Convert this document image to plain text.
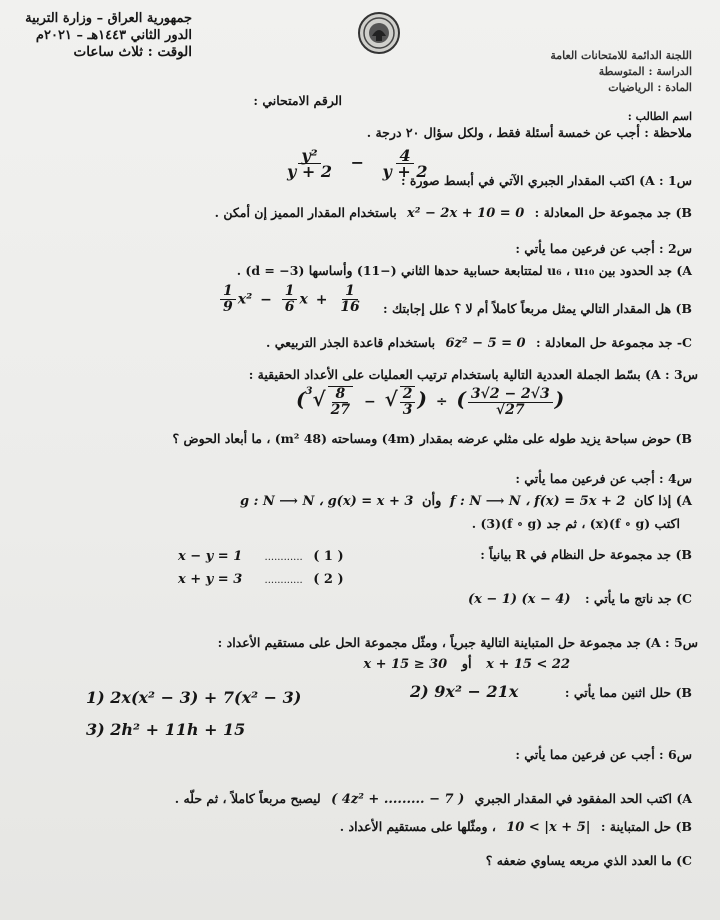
جمهورية العراق – وزارة التربية
الدور الثاني ١٤٤٣هـ – ٢٠٢١م
الوقت : ثلاث ساعات	اللجنة الدائمة للامتحانات العامة
الدراسة : المتوسطة
المادة : الرياضيات
الرقم الامتحاني :
اسم الطالب :
ملاحظة : أجب عن خمسة أسئلة فقط ، ولكل سؤال ٢٠ درجة .
$\frac{\text{y²}}{y + 2} - \frac{4}{y + 2}$
س1 : A) اكتب المقدار الجبري الآتي في أبسط صورة :
B) جد مجموعة حل المعادلة : x² − 2x + 10 = 0 باستخدام المقدار المميز إن أمكن .
س2 : أجب عن فرعين مما يأتي :
A) جد الحدود بين u₆ ، u₁₀ لمتتابعة حسابية حدها الثاني (−11) وأساسها (d = −3) .
B) هل المقدار التالي يمثل مربعاً كاملاً أم لا ؟ علل إجابتك :
$\frac{1}{9} x^2 - \frac{1}{6}$ $x + \frac{1}{16}$
C- جد مجموعة حل المعادلة : 6z² − 5 = 0 باستخدام قاعدة الجذر التربيعي .
س3 : A) بسّط الجملة العددية التالية باستخدام ترتيب العمليات على الأعداد الحقيقية :
($^3√ \frac{8}{27}$ − √ $\frac{2}{3}$ ) ÷ ( $\frac{3√2 - 2√3}{√27}$ )
B) حوض سباحة يزيد طوله على مثلي عرضه بمقدار (4m) ومساحته (48 m²) ، ما أبعاد الحوض ؟
س4 : أجب عن فرعين مما يأتي :
A) إذا كان f : N ⟶ N ، f(x) = 5x + 2 وأن g : N ⟶ N ، g(x) = x + 3
اكتب (f ∘ g)(x) ، ثم جد (f ∘ g)(3) .
B) جد مجموعة حل النظام في R بيانياً :
x − y = 1 ............ ( 1 )
x + y = 3 ............ ( 2 )
C) جد ناتج ما يأتي : (x − 1) (x − 4)
س5 : A) جد مجموعة حل المتباينة التالية جبرياً ، ومثّل مجموعة الحل على مستقيم الأعداد :
x + 15 < 22 أو x + 15 ≥ 30
B) حلل اثنين مما يأتي :
2) 9x² − 21x
1) 2x(x² − 3) + 7(x² − 3)
3) 2h² + 11h + 15
س6 : أجب عن فرعين مما يأتي :
A) اكتب الحد المفقود في المقدار الجبري ( 4z² + ......... − 7 ) ليصبح مربعاً كاملاً ، ثم حلّه .
B) حل المتباينة : 10 < |x + 5| ، ومثّلها على مستقيم الأعداد .
C) ما العدد الذي مربعه يساوي ضعفه ؟
